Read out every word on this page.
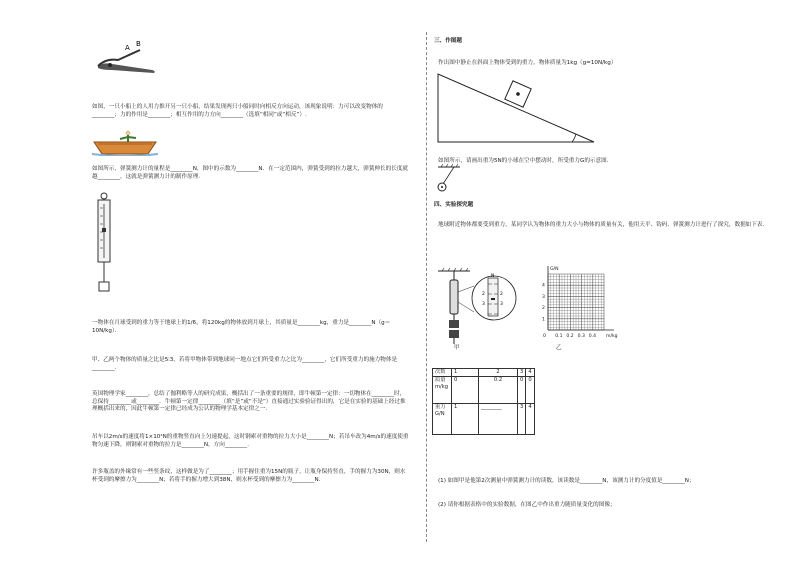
A B
如图，一只小船上的人用力推开另一只小船，结果发现两只小船同时向相反方向运动，该现象说明：力可以改变物体的________；力的作用是________；相互作用的力方向________（选填“相同”或“相反”）.
如图所示，弹簧测力计的量程是________N，图中的示数为________N．在一定范围内，弹簧受到的拉力越大，弹簧伸长的长度就越________，这就是弹簧测力计的制作原理.
一物体在月球受到的重力等于地球上的1/6，将120kg的物体放到月球上，其质量是________kg，重力是________N（g＝10N/kg）．
甲、乙两个物体的质量之比是5∶3，若将甲物体带到地球同一地点它们所受重力之比为________，它们所受重力的施力物体是________.
英国物理学家________，总结了伽利略等人的研究成果，概括出了一条重要的规律，即牛顿第一定律：一切物体在________时，总保持________或________．牛顿第一定律________（填“是”或“不是”）直接通过实验验证得出的，它是在实验的基础上经过推理概括出来的，因此牛顿第一定律已经成为公认的物理学基本定律之一.
吊车以2m/s的速度将1×10⁴N的重物竖直向上匀速提起，这时钢索对重物的拉力大小是________N；若吊车改为4m/s的速度使重物匀速下降，则钢索对重物的拉力是________N，方向________.
许多瓶盖的外缘常有一些竖条纹，这样做是为了________；用手握住重为15N的瓶子，让瓶身保持竖直，手的握力为30N，则水杯受到的摩擦力为________N；若将手的握力增大到38N，则水杯受到的摩擦力为________N.
三、作图题
作出图中静止在斜面上物体受到的重力，物体质量为1kg（g=10N/kg）
如图所示，请画出重为5N的小球在空中摆动时，所受重力G的示意图.
四、实验探究题
地球附近物体都要受到重力，某同学认为物体的重力大小与物体的质量有关，他用天平、钩码、弹簧测力计进行了探究，数据如下表.
N
2
3
2
3
甲
0.1 0.2 0.3 0.4
1
2
3
4
0
G/N
m/kg
乙
次数	1	2	3	4
质量m/kg	0	0.2	0	0
重力G/N	1	________	3	4
(1) 如图甲是他第2次测量中弹簧测力计的读数，该读数是________N，该测力计的分度值是________N；
(2) 请你根据表格中的实验数据，在图乙中作出重力随质量变化的图像；
